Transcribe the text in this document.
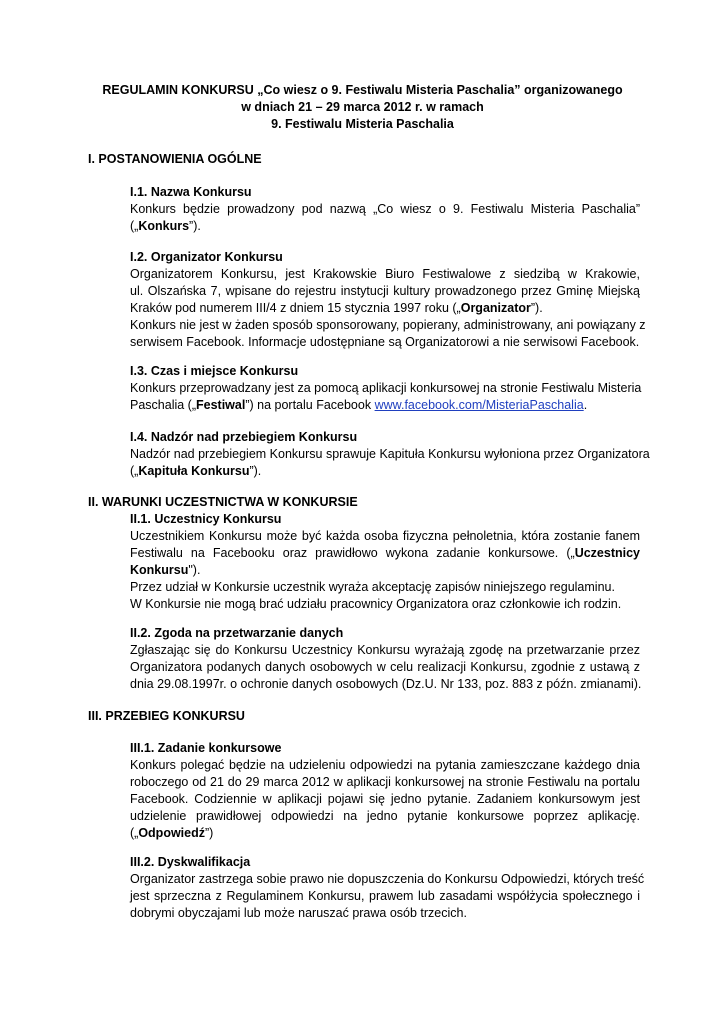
REGULAMIN KONKURSU „Co wiesz o 9. Festiwalu Misteria Paschalia” organizowanego
w dniach 21 – 29 marca 2012 r. w ramach
9. Festiwalu Misteria Paschalia
I. POSTANOWIENIA OGÓLNE
I.1. Nazwa Konkursu
Konkurs będzie prowadzony pod nazwą „Co wiesz o 9. Festiwalu Misteria Paschalia”
(„Konkurs”).
I.2. Organizator Konkursu
Organizatorem Konkursu, jest Krakowskie Biuro Festiwalowe z siedzibą w Krakowie,
ul. Olszańska 7, wpisane do rejestru instytucji kultury prowadzonego przez Gminę Miejską
Kraków pod numerem III/4 z dniem 15 stycznia 1997 roku („Organizator”).
Konkurs nie jest w żaden sposób sponsorowany, popierany, administrowany, ani powiązany z
serwisem Facebook. Informacje udostępniane są Organizatorowi a nie serwisowi Facebook.
I.3. Czas i miejsce Konkursu
Konkurs przeprowadzany jest za pomocą aplikacji konkursowej na stronie Festiwalu Misteria
Paschalia („Festiwal”) na portalu Facebook www.facebook.com/MisteriaPaschalia.
I.4. Nadzór nad przebiegiem Konkursu
Nadzór nad przebiegiem Konkursu sprawuje Kapituła Konkursu wyłoniona przez Organizatora
(„Kapituła Konkursu”).
II. WARUNKI UCZESTNICTWA W KONKURSIE
II.1. Uczestnicy Konkursu
Uczestnikiem Konkursu może być każda osoba fizyczna pełnoletnia, która zostanie fanem
Festiwalu na Facebooku oraz prawidłowo wykona zadanie konkursowe. („Uczestnicy
Konkursu").
Przez udział w Konkursie uczestnik wyraża akceptację zapisów niniejszego regulaminu.
W Konkursie nie mogą brać udziału pracownicy Organizatora oraz członkowie ich rodzin.
II.2. Zgoda na przetwarzanie danych
Zgłaszając się do Konkursu Uczestnicy Konkursu wyrażają zgodę na przetwarzanie przez
Organizatora podanych danych osobowych w celu realizacji Konkursu, zgodnie z ustawą z
dnia 29.08.1997r. o ochronie danych osobowych (Dz.U. Nr 133, poz. 883 z późn. zmianami).
III. PRZEBIEG KONKURSU
III.1. Zadanie konkursowe
Konkurs polegać będzie na udzieleniu odpowiedzi na pytania zamieszczane każdego dnia
roboczego od 21 do 29 marca 2012 w aplikacji konkursowej na stronie Festiwalu na portalu
Facebook. Codziennie w aplikacji pojawi się jedno pytanie. Zadaniem konkursowym jest
udzielenie prawidłowej odpowiedzi na jedno pytanie konkursowe poprzez aplikację.
(„Odpowiedź”)
III.2. Dyskwalifikacja
Organizator zastrzega sobie prawo nie dopuszczenia do Konkursu Odpowiedzi, których treść
jest sprzeczna z Regulaminem Konkursu, prawem lub zasadami współżycia społecznego i
dobrymi obyczajami lub może naruszać prawa osób trzecich.
